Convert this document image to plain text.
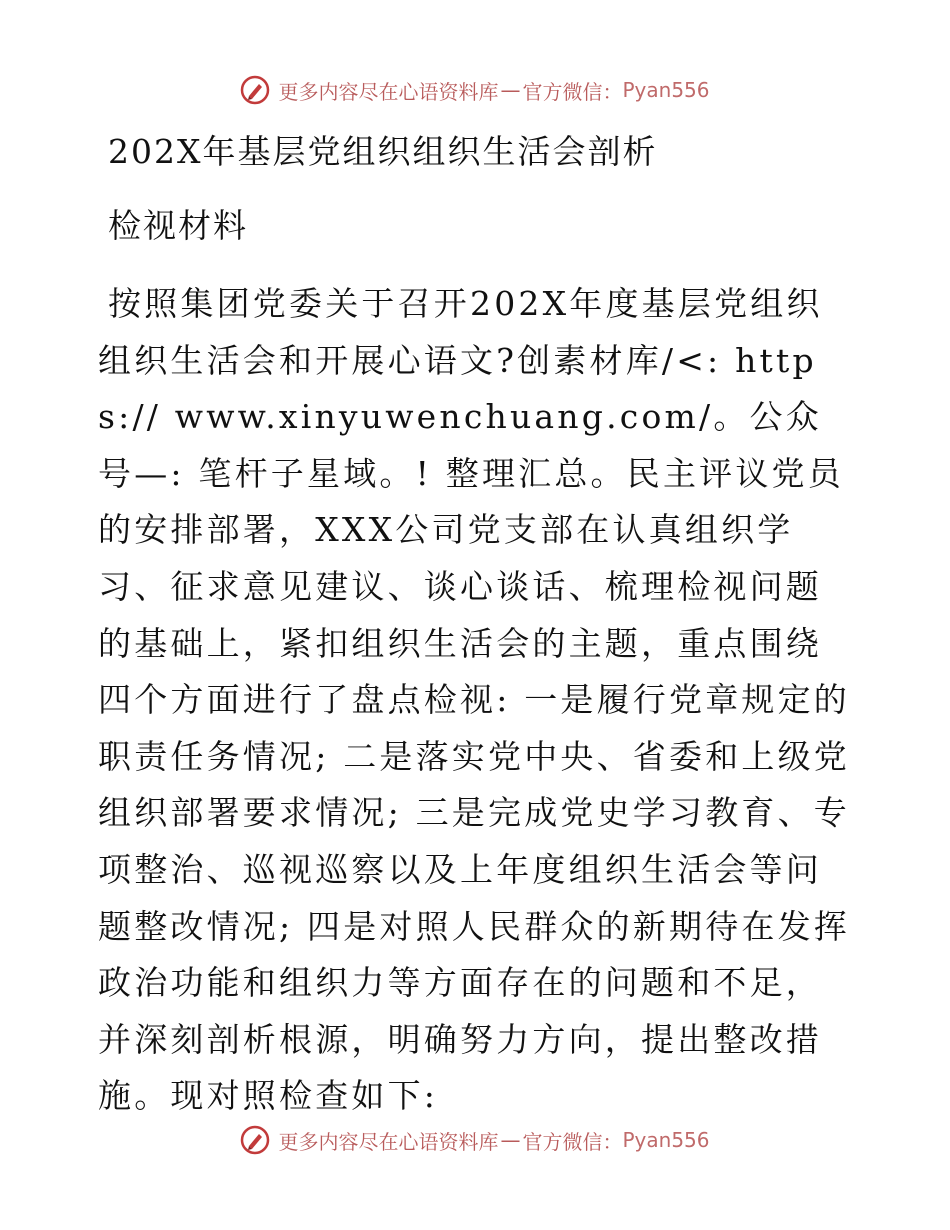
更多内容尽在心语资料库 — 官方微信： Pyan556
202X年基层党组织组织生活会剖析
检视材料
按照集团党委关于召开202X年度基层党组织组织生活会和开展心语文?创素材库/<: https:// www.xinyuwenchuang.com/。公众号—: 笔杆子星域。! 整理汇总。民主评议党员的安排部署，XXX公司党支部在认真组织学习、征求意见建议、谈心谈话、梳理检视问题的基础上，紧扣组织生活会的主题，重点围绕四个方面进行了盘点检视: 一是履行党章规定的职责任务情况; 二是落实党中央、省委和上级党组织部署要求情况; 三是完成党史学习教育、专项整治、巡视巡察以及上年度组织生活会等问题整改情况; 四是对照人民群众的新期待在发挥政治功能和组织力等方面存在的问题和不足，并深刻剖析根源，明确努力方向，提出整改措施。现对照检查如下:
更多内容尽在心语资料库 — 官方微信： Pyan556
